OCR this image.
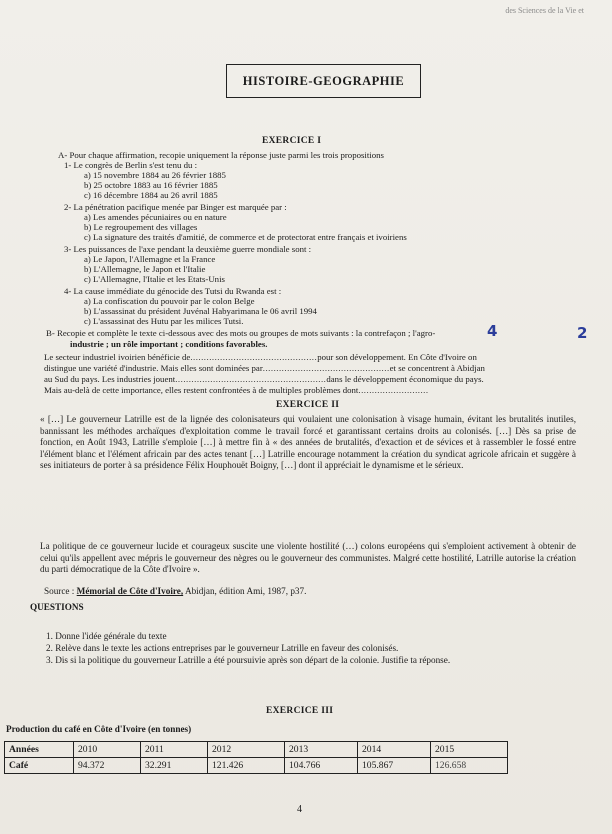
des Sciences de la Vie et
HISTOIRE-GEOGRAPHIE
EXERCICE I
A- Pour chaque affirmation, recopie uniquement la réponse juste parmi les trois propositions
1- Le congrès de Berlin s'est tenu du :
a) 15 novembre 1884 au 26 février 1885
b) 25 octobre 1883 au 16 février 1885
c) 16 décembre 1884 au 26 avril 1885
2- La pénétration pacifique menée par Binger est marquée par :
a) Les amendes pécuniaires ou en nature
b) Le regroupement des villages
c) La signature des traités d'amitié, de commerce et de protectorat entre français et ivoiriens
3- Les puissances de l'axe pendant la deuxième guerre mondiale sont :
a) Le Japon, l'Allemagne et la France
b) L'Allemagne, le Japon et l'Italie
c) L'Allemagne, l'Italie et les Etats-Unis
4- La cause immédiate du génocide des Tutsi du Rwanda est :
a) La confiscation du pouvoir par le colon Belge
b) L'assassinat du président Juvénal Habyarimana le 06 avril 1994
c) L'assassinat des Hutu par les milices Tutsi.
B- Recopie et complète le texte ci-dessous avec des mots ou groupes de mots suivants : la contrefaçon ; l'agro-
industrie ; un rôle important ; conditions favorables.
Le secteur industriel ivoirien bénéficie de...............................................pour son développement. En Côte d'Ivoire on
distingue une variété d'industrie. Mais elles sont dominées par...............................................et se concentrent à Abidjan
au Sud du pays. Les industries jouent........................................................dans le développement économique du pays.
Mais au-delà de cette importance, elles restent confrontées à de multiples problèmes dont..........................
4	2
EXERCICE II
« […] Le gouverneur Latrille est de la lignée des colonisateurs qui voulaient une colonisation à visage humain, évitant les brutalités inutiles, bannissant les méthodes archaïques d'exploitation comme le travail forcé et garantissant certains droits au colonisés. […] Dès sa prise de fonction, en Août 1943, Latrille s'emploie […] à mettre fin à « des années de brutalités, d'exaction et de sévices et à rassembler le fossé entre l'élément blanc et l'élément africain par des actes tenant […] Latrille encourage notamment la création du syndicat agricole africain et suggère à ses initiateurs de porter à sa présidence Félix Houphouët Boigny, […] dont il appréciait le dynamisme et le sérieux.
La politique de ce gouverneur lucide et courageux suscite une violente hostilité (…) colons européens qui s'emploient activement à obtenir de celui qu'ils appellent avec mépris le gouverneur des nègres ou le gouverneur des communistes. Malgré cette hostilité, Latrille autorise la création du parti démocratique de la Côte d'Ivoire ».
Source : Mémorial de Côte d'Ivoire, Abidjan, édition Ami, 1987, p37.
QUESTIONS
1. Donne l'idée générale du texte
2. Relève dans le texte les actions entreprises par le gouverneur Latrille en faveur des colonisés.
3. Dis si la politique du gouverneur Latrille a été poursuivie après son départ de la colonie. Justifie ta réponse.
EXERCICE III
Production du café en Côte d'Ivoire (en tonnes)
Années	2010	2011	2012	2013	2014	2015
Café	94.372	32.291	121.426	104.766	105.867	126.658
4
